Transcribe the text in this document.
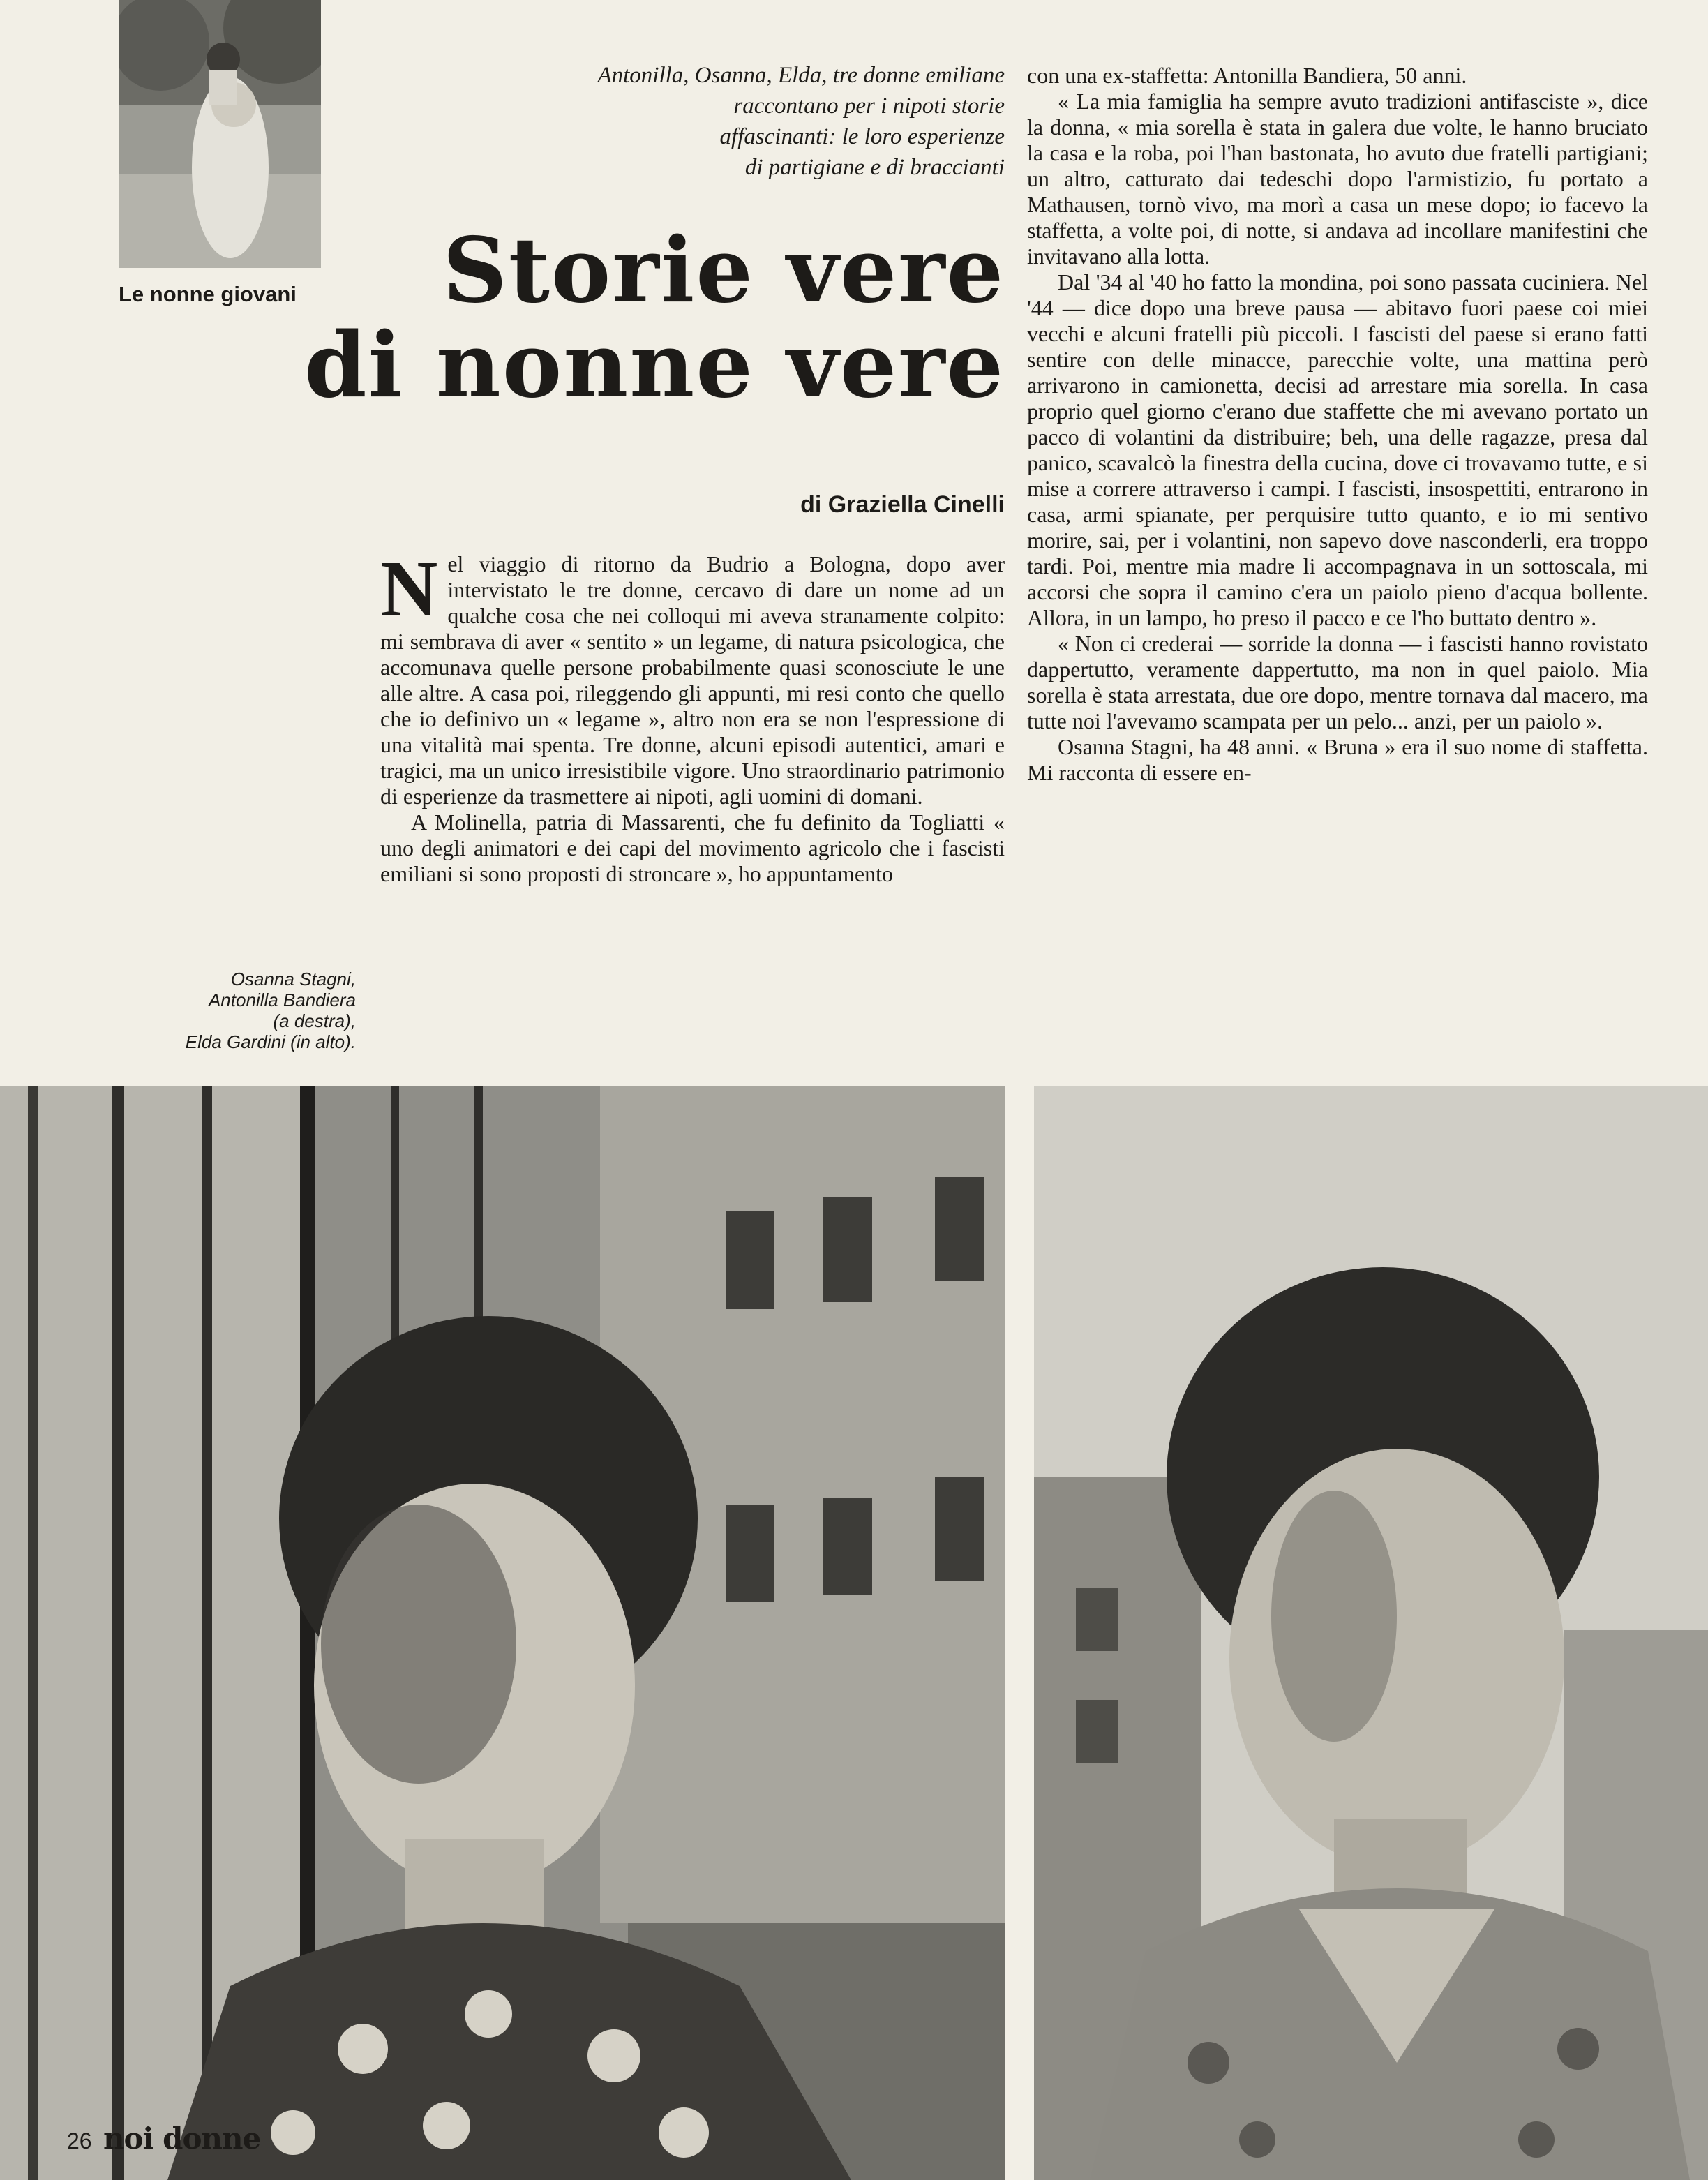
Le nonne giovani
Antonilla, Osanna, Elda, tre donne emiliane
raccontano per i nipoti storie
affascinanti: le loro esperienze
di partigiane e di braccianti
Storie vere
di nonne vere
di Graziella Cinelli

Nel viaggio di ritorno da Budrio a Bologna, dopo aver intervistato le tre donne, cercavo di dare un nome ad un qualche cosa che nei colloqui mi aveva stranamente colpito: mi sembrava di aver « sentito » un legame, di natura psicologica, che accomunava quelle persone probabilmente quasi sconosciute le une alle altre. A casa poi, rileggendo gli appunti, mi resi conto che quello che io definivo un « legame », altro non era se non l'espressione di una vitalità mai spenta. Tre donne, alcuni episodi autentici, amari e tragici, ma un unico irresistibile vigore. Uno straordinario patrimonio di esperienze da trasmettere ai nipoti, agli uomini di domani.

A Molinella, patria di Massarenti, che fu definito da Togliatti « uno degli animatori e dei capi del movimento agricolo che i fascisti emiliani si sono proposti di stroncare », ho appuntamento

con una ex-staffetta: Antonilla Bandiera, 50 anni.

« La mia famiglia ha sempre avuto tradizioni antifasciste », dice la donna, « mia sorella è stata in galera due volte, le hanno bruciato la casa e la roba, poi l'han bastonata, ho avuto due fratelli partigiani; un altro, catturato dai tedeschi dopo l'armistizio, fu portato a Mathausen, tornò vivo, ma morì a casa un mese dopo; io facevo la staffetta, a volte poi, di notte, si andava ad incollare manifestini che invitavano alla lotta.

Dal '34 al '40 ho fatto la mondina, poi sono passata cuciniera. Nel '44 — dice dopo una breve pausa — abitavo fuori paese coi miei vecchi e alcuni fratelli più piccoli. I fascisti del paese si erano fatti sentire con delle minacce, parecchie volte, una mattina però arrivarono in camionetta, decisi ad arrestare mia sorella. In casa proprio quel giorno c'erano due staffette che mi avevano portato un pacco di volantini da distribuire; beh, una delle ragazze, presa dal panico, scavalcò la finestra della cucina, dove ci trovavamo tutte, e si mise a correre attraverso i campi. I fascisti, insospettiti, entrarono in casa, armi spianate, per perquisire tutto quanto, e io mi sentivo morire, sai, per i volantini, non sapevo dove nasconderli, era troppo tardi. Poi, mentre mia madre li accompagnava in un sottoscala, mi accorsi che sopra il camino c'era un paiolo pieno d'acqua bollente. Allora, in un lampo, ho preso il pacco e ce l'ho buttato dentro ».

« Non ci crederai — sorride la donna — i fascisti hanno rovistato dappertutto, veramente dappertutto, ma non in quel paiolo. Mia sorella è stata arrestata, due ore dopo, mentre tornava dal macero, ma tutte noi l'avevamo scampata per un pelo... anzi, per un paiolo ».

Osanna Stagni, ha 48 anni. « Bruna » era il suo nome di staffetta. Mi racconta di essere en-

Osanna Stagni,
Antonilla Bandiera
(a destra),
Elda Gardini (in alto).
26 noi donne
